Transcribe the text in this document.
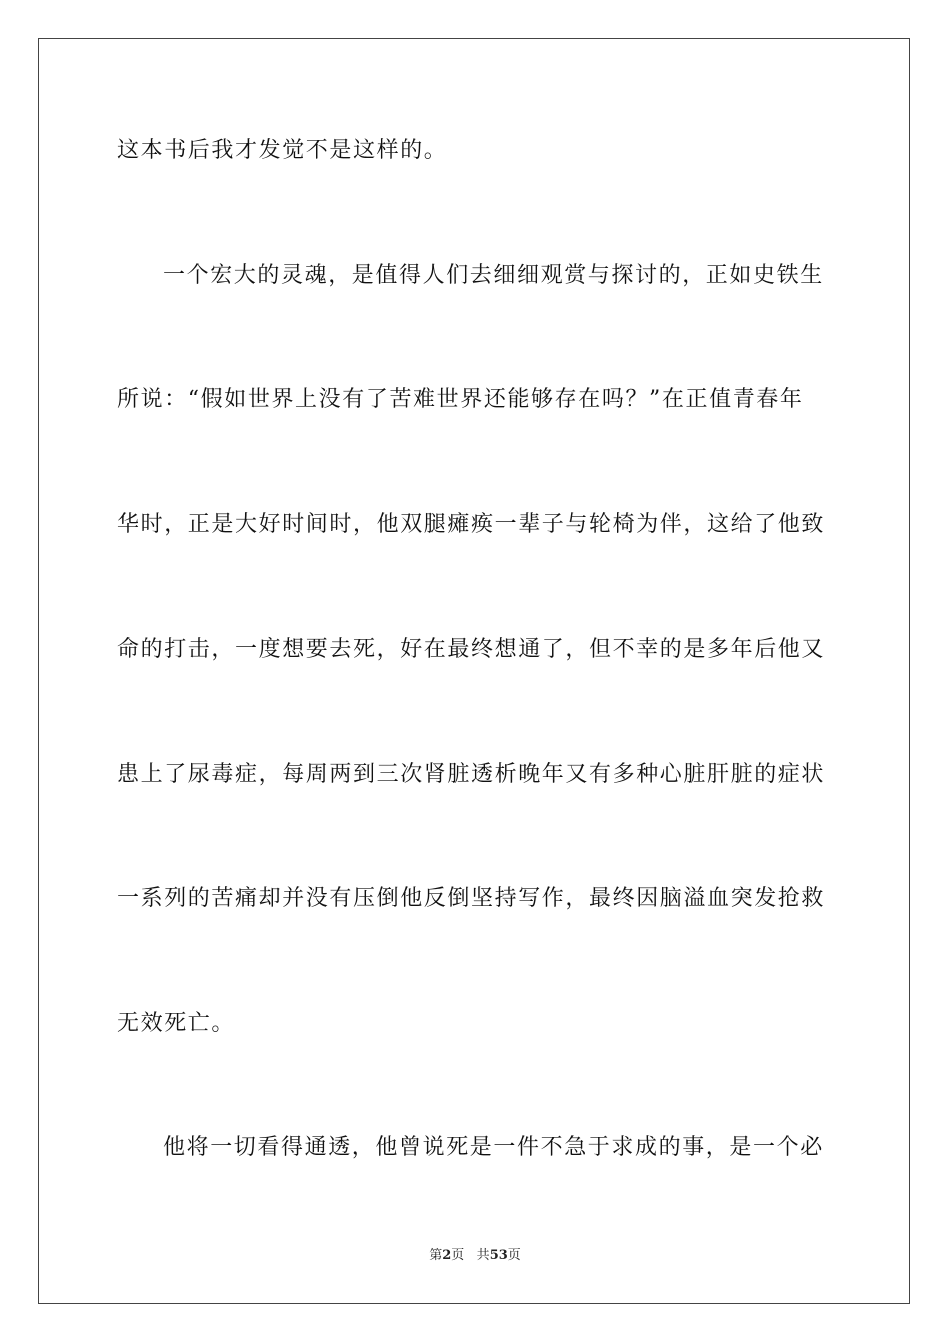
这本书后我才发觉不是这样的。
一个宏大的灵魂，是值得人们去细细观赏与探讨的，正如史铁生
所说：“假如世界上没有了苦难世界还能够存在吗？”在正值青春年
华时，正是大好时间时，他双腿瘫痪一辈子与轮椅为伴，这给了他致
命的打击，一度想要去死，好在最终想通了，但不幸的是多年后他又
患上了尿毒症，每周两到三次肾脏透析晚年又有多种心脏肝脏的症状
一系列的苦痛却并没有压倒他反倒坚持写作，最终因脑溢血突发抢救
无效死亡。
他将一切看得通透，他曾说死是一件不急于求成的事，是一个必
第2页 共53页
